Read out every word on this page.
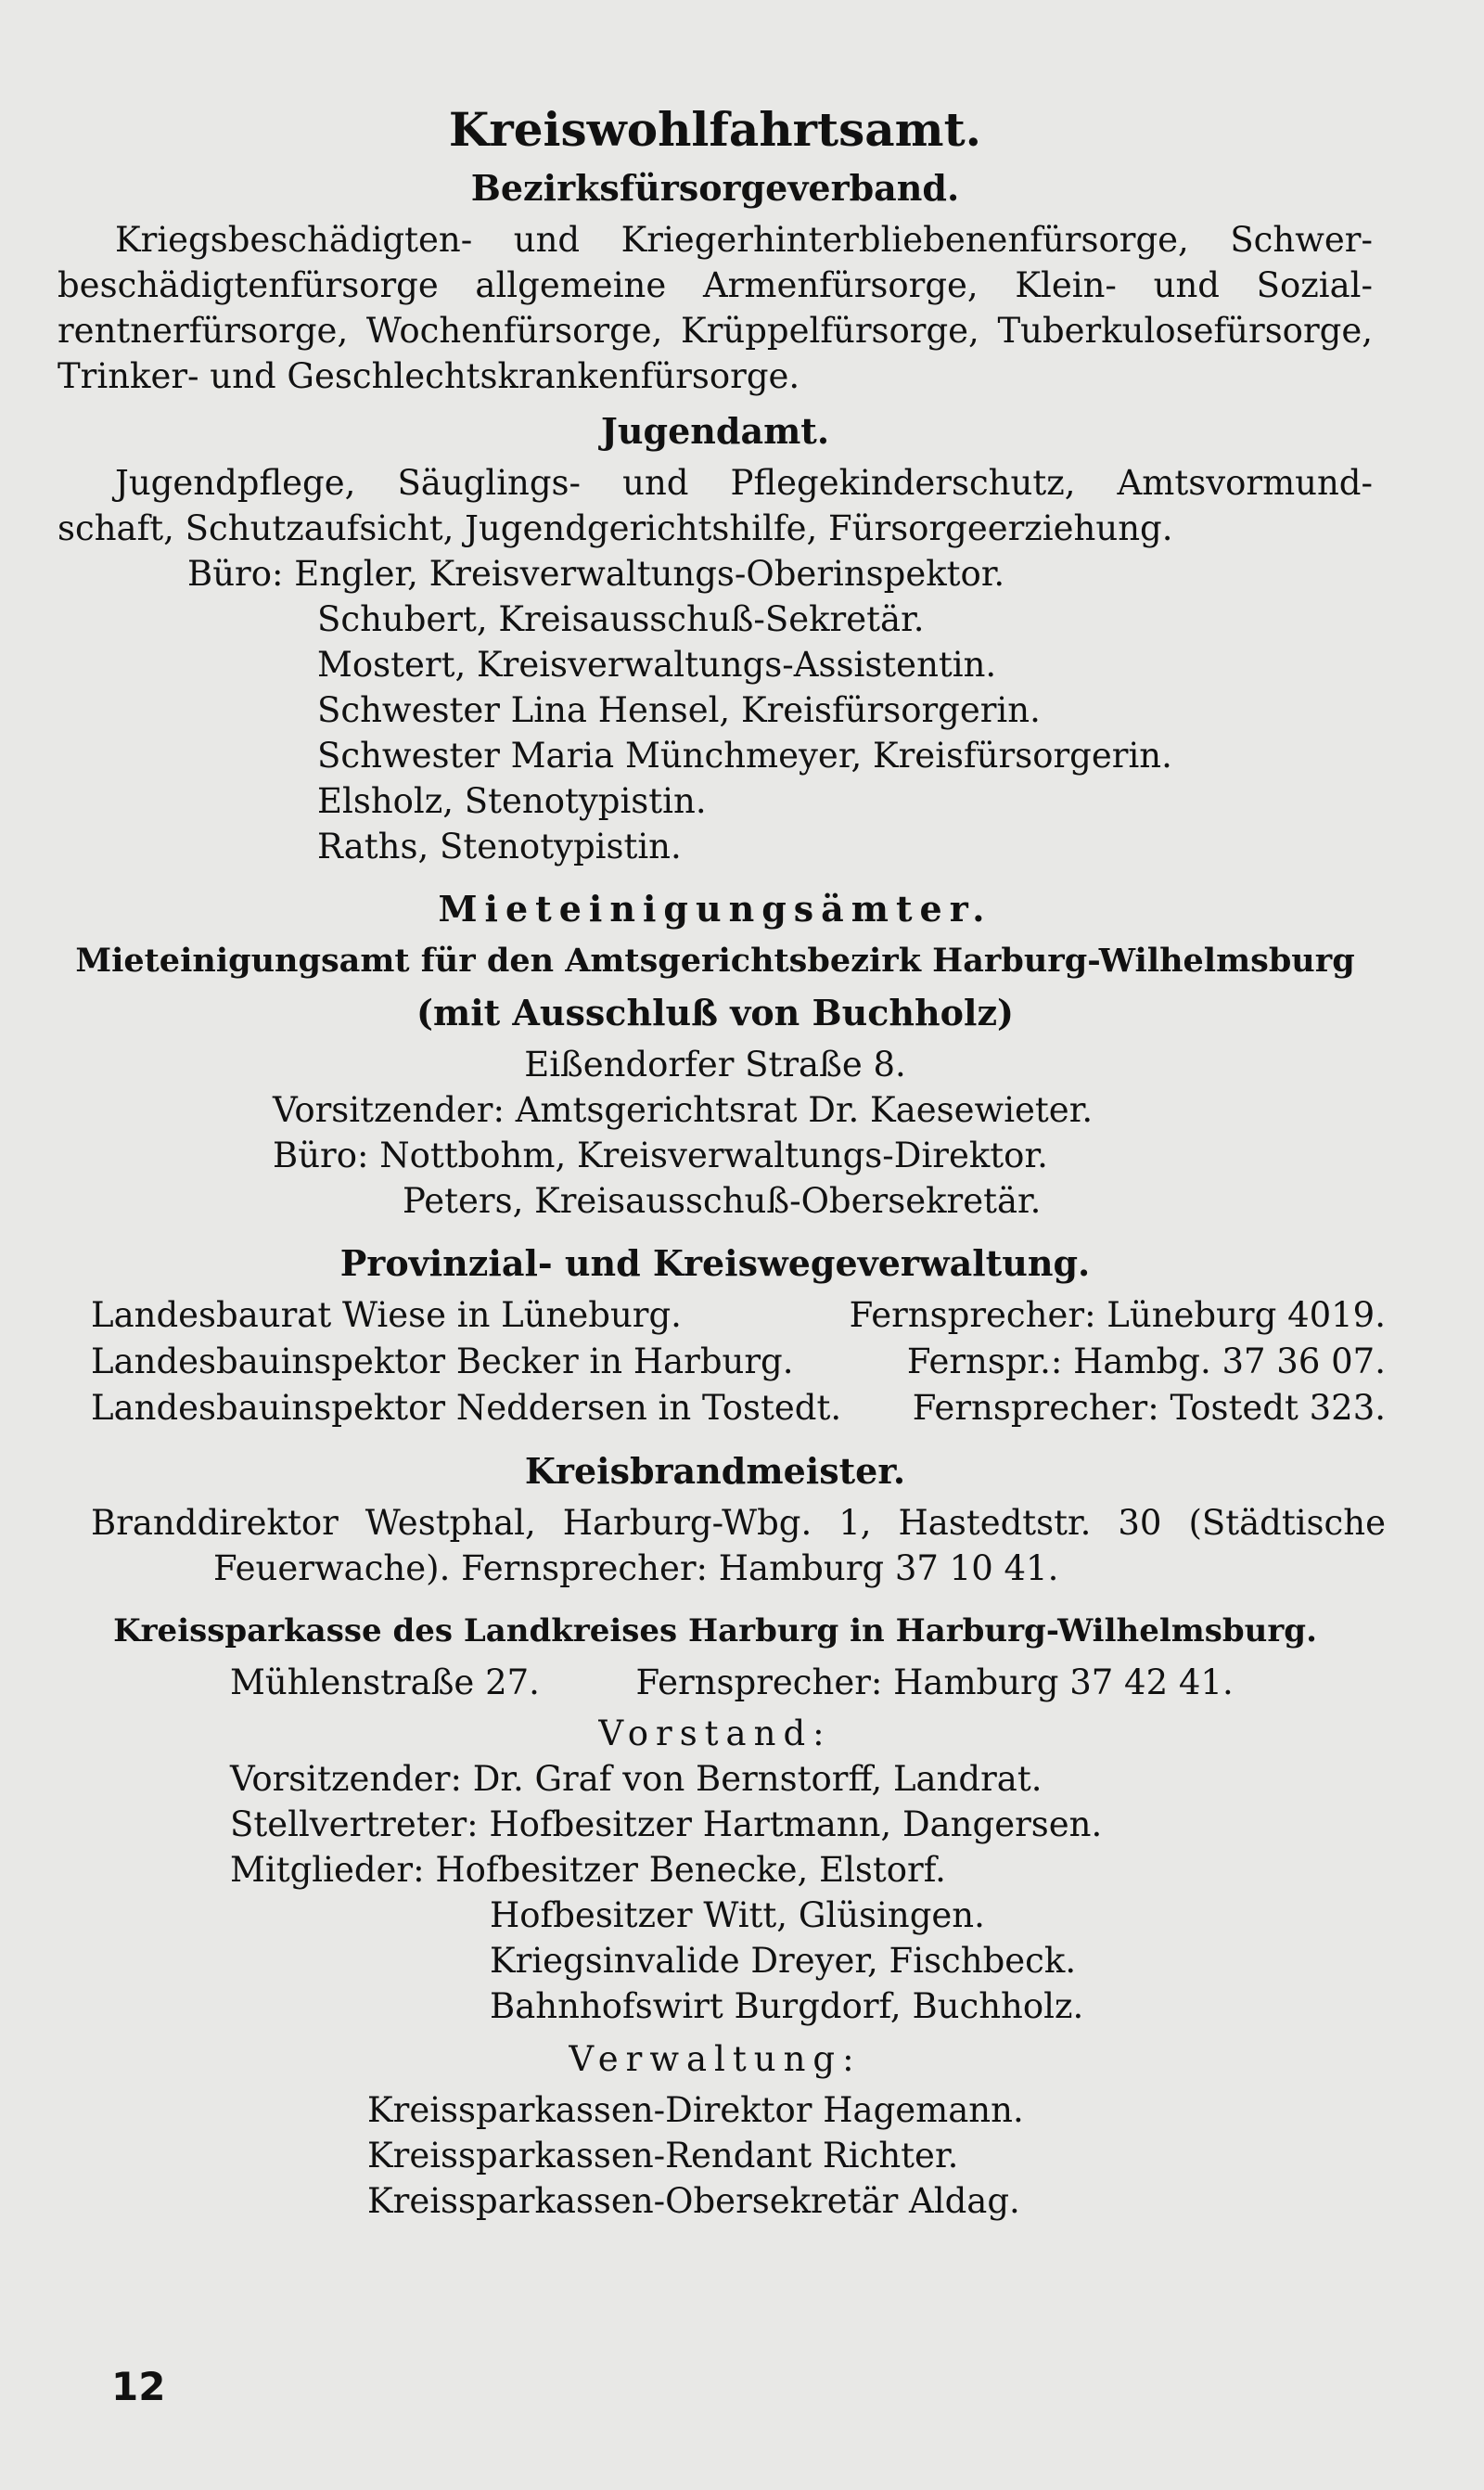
Kreiswohlfahrtsamt.
Bezirksfürsorgeverband.
Kriegsbeschädigten- und Kriegerhinterbliebenenfürsorge, Schwer-
beschädigtenfürsorge allgemeine Armenfürsorge, Klein- und Sozial-
rentnerfürsorge, Wochenfürsorge, Krüppelfürsorge, Tuberkulosefürsorge,
Trinker- und Geschlechtskrankenfürsorge.
Jugendamt.
Jugendpflege, Säuglings- und Pflegekinderschutz, Amtsvormund-
schaft, Schutzaufsicht, Jugendgerichtshilfe, Fürsorgeerziehung.
Büro: Engler, Kreisverwaltungs-Oberinspektor.
Schubert, Kreisausschuß-Sekretär.
Mostert, Kreisverwaltungs-Assistentin.
Schwester Lina Hensel, Kreisfürsorgerin.
Schwester Maria Münchmeyer, Kreisfürsorgerin.
Elsholz, Stenotypistin.
Raths, Stenotypistin.
Mieteinigungsämter.
Mieteinigungsamt für den Amtsgerichtsbezirk Harburg-Wilhelmsburg
(mit Ausschluß von Buchholz)
Eißendorfer Straße 8.
Vorsitzender: Amtsgerichtsrat Dr. Kaesewieter.
Büro: Nottbohm, Kreisverwaltungs-Direktor.
Peters, Kreisausschuß-Obersekretär.
Provinzial- und Kreiswegeverwaltung.
Landesbaurat Wiese in Lüneburg.	Fernsprecher: Lüneburg 4019.
Landesbauinspektor Becker in Harburg.	Fernspr.: Hambg. 37 36 07.
Landesbauinspektor Neddersen in Tostedt. Fernsprecher: Tostedt 323.
Kreisbrandmeister.
Branddirektor Westphal, Harburg-Wbg. 1, Hastedtstr. 30 (Städtische
Feuerwache). Fernsprecher: Hamburg 37 10 41.
Kreissparkasse des Landkreises Harburg in Harburg-Wilhelmsburg.
Mühlenstraße 27.	Fernsprecher: Hamburg 37 42 41.
Vorstand:
Vorsitzender: Dr. Graf von Bernstorff, Landrat.
Stellvertreter: Hofbesitzer Hartmann, Dangersen.
Mitglieder: Hofbesitzer Benecke, Elstorf.
Hofbesitzer Witt, Glüsingen.
Kriegsinvalide Dreyer, Fischbeck.
Bahnhofswirt Burgdorf, Buchholz.
Verwaltung:
Kreissparkassen-Direktor Hagemann.
Kreissparkassen-Rendant Richter.
Kreissparkassen-Obersekretär Aldag.
12
